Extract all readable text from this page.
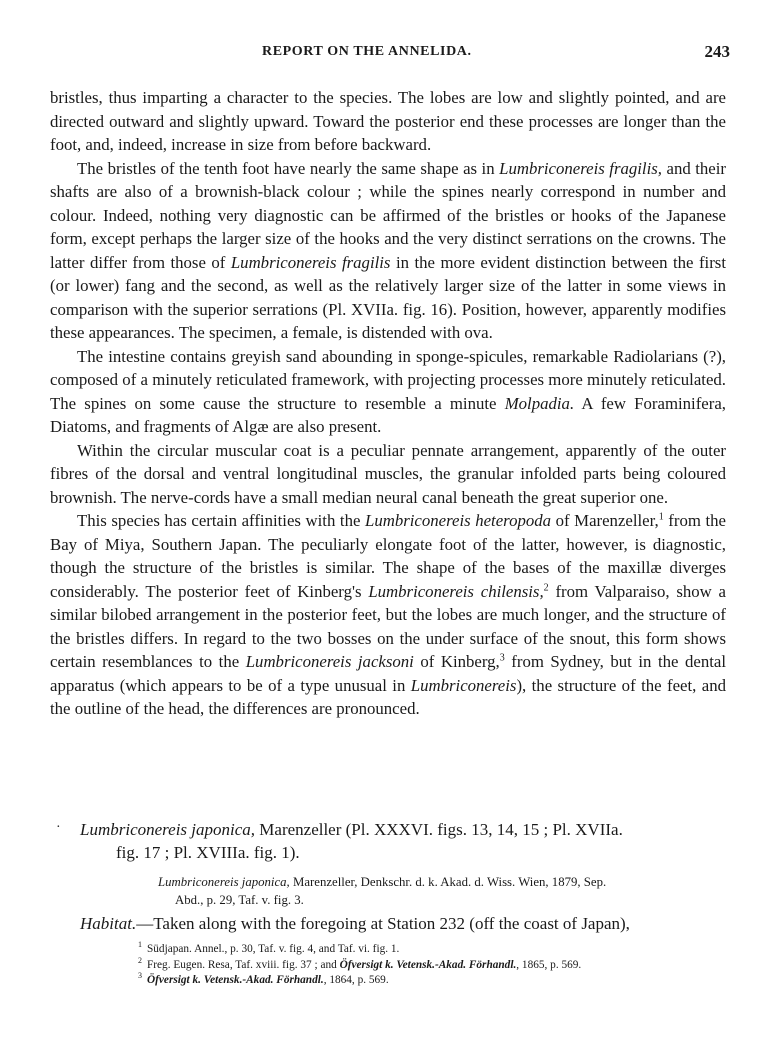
REPORT ON THE ANNELIDA.	243

bristles, thus imparting a character to the species. The lobes are low and slightly pointed, and are directed outward and slightly upward. Toward the posterior end these processes are longer than the foot, and, indeed, increase in size from before backward.

The bristles of the tenth foot have nearly the same shape as in Lumbriconereis fragilis, and their shafts are also of a brownish-black colour ; while the spines nearly correspond in number and colour. Indeed, nothing very diagnostic can be affirmed of the bristles or hooks of the Japanese form, except perhaps the larger size of the hooks and the very distinct serrations on the crowns. The latter differ from those of Lumbriconereis fragilis in the more evident distinction between the first (or lower) fang and the second, as well as the relatively larger size of the latter in some views in comparison with the superior serrations (Pl. XVIIa. fig. 16). Position, however, apparently modifies these appearances. The specimen, a female, is distended with ova.

The intestine contains greyish sand abounding in sponge-spicules, remarkable Radiolarians (?), composed of a minutely reticulated framework, with projecting processes more minutely reticulated. The spines on some cause the structure to resemble a minute Molpadia. A few Foraminifera, Diatoms, and fragments of Algæ are also present.

Within the circular muscular coat is a peculiar pennate arrangement, apparently of the outer fibres of the dorsal and ventral longitudinal muscles, the granular infolded parts being coloured brownish. The nerve-cords have a small median neural canal beneath the great superior one.

This species has certain affinities with the Lumbriconereis heteropoda of Marenzeller,$^1$ from the Bay of Miya, Southern Japan. The peculiarly elongate foot of the latter, however, is diagnostic, though the structure of the bristles is similar. The shape of the bases of the maxillæ diverges considerably. The posterior feet of Kinberg's Lumbriconereis chilensis,$^2$ from Valparaiso, show a similar bilobed arrangement in the posterior feet, but the lobes are much longer, and the structure of the bristles differs. In regard to the two bosses on the under surface of the snout, this form shows certain resemblances to the Lumbriconereis jacksoni of Kinberg,$^3$ from Sydney, but in the dental apparatus (which appears to be of a type unusual in Lumbriconereis), the structure of the feet, and the outline of the head, the differences are pronounced.

· Lumbriconereis japonica, Marenzeller (Pl. XXXVI. figs. 13, 14, 15 ; Pl. XVIIa.
fig. 17 ; Pl. XVIIIa. fig. 1).
Lumbriconereis japonica, Marenzeller, Denkschr. d. k. Akad. d. Wiss. Wien, 1879, Sep.
Abd., p. 29, Taf. v. fig. 3.
Habitat.—Taken along with the foregoing at Station 232 (off the coast of Japan),
$^1$ Südjapan. Annel., p. 30, Taf. v. fig. 4, and Taf. vi. fig. 1.
$^2$ Freg. Eugen. Resa, Taf. xviii. fig. 37 ; and Öfversigt k. Vetensk.-Akad. Förhandl., 1865, p. 569.
$^3$ Öfversigt k. Vetensk.-Akad. Förhandl., 1864, p. 569.
